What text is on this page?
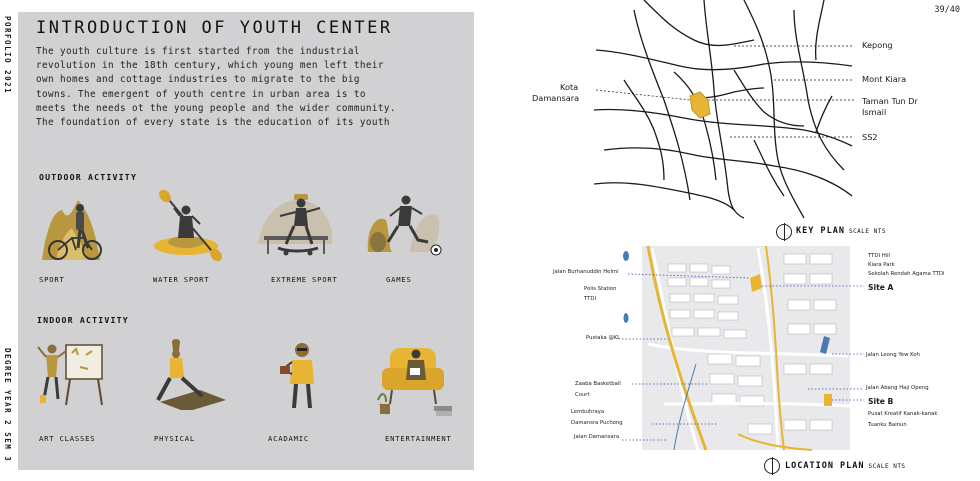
PORFOLIO 2021
DEGREE YEAR 2 SEM 3
INTRODUCTION OF YOUTH CENTER
The youth culture is first started from the industrial
revolution in the 18th century, which young men left their
own homes and cottage industries to migrate to the big
towns. The emergent of youth centre in urban area is to
meets the needs ot the young people and the wider community.
The foundation of every state is the education of its youth
OUTDOOR ACTIVITY
SPORT	WATER SPORT	EXTREME SPORT	GAMES
INDOOR ACTIVITY
ART CLASSES	PHYSICAL	ACADAMIC	ENTERTAINMENT
39/40
Kepong
Mont Kiara
Taman Tun Dr
Ismail
SS2
Kota
Damansara
KEY PLAN SCALE NTS
Jalan Burhanuddin Helmi
Polis Station
TTDI
Pustaka @KL
Zaaba Basketball
Court
Lembuhraya
Damansra Puchong
Jalan Damansara
TTDI Hill
Kiara Park
Sekolah Rendah Agama TTDI
Site A
Jalan Leong Yew Koh
Jalan Abang Haji Openg
Site B
Pusat Kreatif Kanak-kanak
Tuanku Bainun
LOCATION PLAN SCALE NTS
